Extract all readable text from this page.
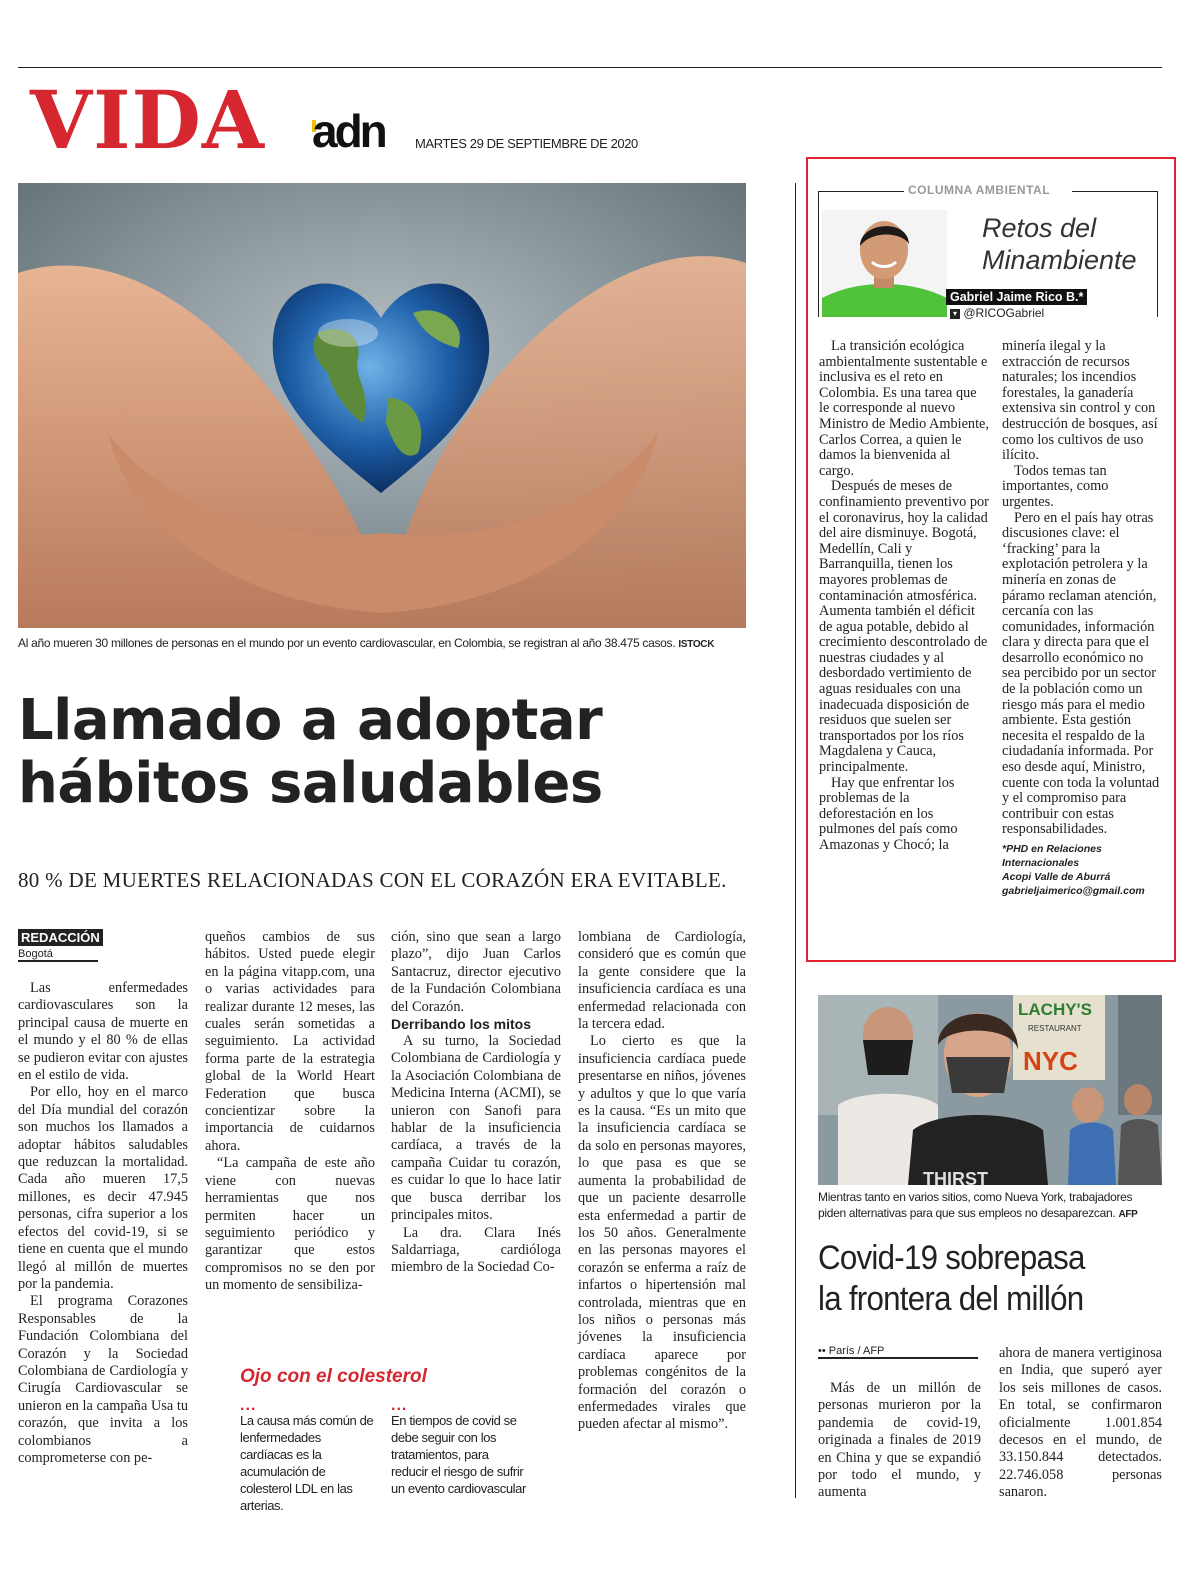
VIDA adn MARTES 29 DE SEPTIEMBRE DE 2020
Al año mueren 30 millones de personas en el mundo por un evento cardiovascular, en Colombia, se registran al año 38.475 casos. ISTOCK
Llamado a adoptar
hábitos saludables
80 % DE MUERTES RELACIONADAS CON EL CORAZÓN ERA EVITABLE.
REDACCIÓN
Bogotá

Las enfermedades cardiovasculares son la principal causa de muerte en el mundo y el 80 % de ellas se pudieron evitar con ajustes en el estilo de vida.

Por ello, hoy en el marco del Día mundial del corazón son muchos los llamados a adoptar hábitos saludables que reduzcan la mortalidad. Cada año mueren 17,5 millones, es decir 47.945 personas, cifra superior a los efectos del covid-19, si se tiene en cuenta que el mundo llegó al millón de muertes por la pandemia.

El programa Corazones Responsables de la Fundación Colombiana del Corazón y la Sociedad Colombiana de Cardiología y Cirugía Cardiovascular se unieron en la campaña Usa tu corazón, que invita a los colombianos a comprometerse con pe-

queños cambios de sus hábitos. Usted puede elegir en la página vitapp.com, una o varias actividades para realizar durante 12 meses, las cuales serán sometidas a seguimiento. La actividad forma parte de la estrategia global de la World Heart Federation que busca concientizar sobre la importancia de cuidarnos ahora.

“La campaña de este año viene con nuevas herramientas que nos permiten hacer un seguimiento periódico y garantizar que estos compromisos no se den por un momento de sensibiliza-

ción, sino que sean a largo plazo”, dijo Juan Carlos Santacruz, director ejecutivo de la Fundación Colombiana del Corazón.

Derribando los mitos

A su turno, la Sociedad Colombiana de Cardiología y la Asociación Colombiana de Medicina Interna (ACMI), se unieron con Sanofi para hablar de la insuficiencia cardíaca, a través de la campaña Cuidar tu corazón, es cuidar lo que lo hace latir que busca derribar los principales mitos.

La dra. Clara Inés Saldarriaga, cardióloga miembro de la Sociedad Co-

lombiana de Cardiología, consideró que es común que la gente considere que la insuficiencia cardíaca es una enfermedad relacionada con la tercera edad.

Lo cierto es que la insuficiencia cardíaca puede presentarse en niños, jóvenes y adultos y que lo que varía es la causa. “Es un mito que la insuficiencia cardíaca se da solo en personas mayores, lo que pasa es que se aumenta la probabilidad de que un paciente desarrolle esta enfermedad a partir de los 50 años. Generalmente en las personas mayores el corazón se enferma a raíz de infartos o hipertensión mal controlada, mientras que en los niños o personas más jóvenes la insuficiencia cardíaca aparece por problemas congénitos de la formación del corazón o enfermedades virales que pueden afectar al mismo”.

Ojo con el colesterol
...
La causa más común de lenfermedades cardíacas es la acumulación de colesterol LDL en las arterias.
...
En tiempos de covid se debe seguir con los tratamientos, para reducir el riesgo de sufrir un evento cardiovascular
COLUMNA AMBIENTAL
Retos del
Minambiente
Gabriel Jaime Rico B.*
▾ @RICOGabriel

La transición ecológica ambientalmente sustentable e inclusiva es el reto en Colombia. Es una tarea que le corresponde al nuevo Ministro de Medio Ambiente, Carlos Correa, a quien le damos la bienvenida al cargo.

Después de meses de confinamiento preventivo por el coronavirus, hoy la calidad del aire disminuye. Bogotá, Medellín, Cali y Barranquilla, tienen los mayores problemas de contaminación atmosférica. Aumenta también el déficit de agua potable, debido al crecimiento descontrolado de nuestras ciudades y al desbordado vertimiento de aguas residuales con una inadecuada disposición de residuos que suelen ser transportados por los ríos Magdalena y Cauca, principalmente.

Hay que enfrentar los problemas de la deforestación en los pulmones del país como Amazonas y Chocó; la

minería ilegal y la extracción de recursos naturales; los incendios forestales, la ganadería extensiva sin control y con destrucción de bosques, así como los cultivos de uso ilícito.

Todos temas tan importantes, como urgentes.

Pero en el país hay otras discusiones clave: el ‘fracking’ para la explotación petrolera y la minería en zonas de páramo reclaman atención, cercanía con las comunidades, información clara y directa para que el desarrollo económico no sea percibido por un sector de la población como un riesgo más para el medio ambiente. Esta gestión necesita el respaldo de la ciudadanía informada. Por eso desde aquí, Ministro, cuente con toda la voluntad y el compromiso para contribuir con estas responsabilidades.

*PHD en Relaciones Internacionales
Acopi Valle de Aburrá
gabrieljaimerico@gmail.com
LACHY'S
RESTAURANT
NYC
THIRST
Mientras tanto en varios sitios, como Nueva York, trabajadores piden alternativas para que sus empleos no desaparezcan. AFP
Covid-19 sobrepasa
la frontera del millón
•• París / AFP

Más de un millón de personas murieron por la pandemia de covid-19, originada a finales de 2019 en China y que se expandió por todo el mundo, y aumenta

ahora de manera vertiginosa en India, que superó ayer los seis millones de casos. En total, se confirmaron oficialmente 1.001.854 decesos en el mundo, de 33.150.844 detectados. 22.746.058 personas sanaron.
